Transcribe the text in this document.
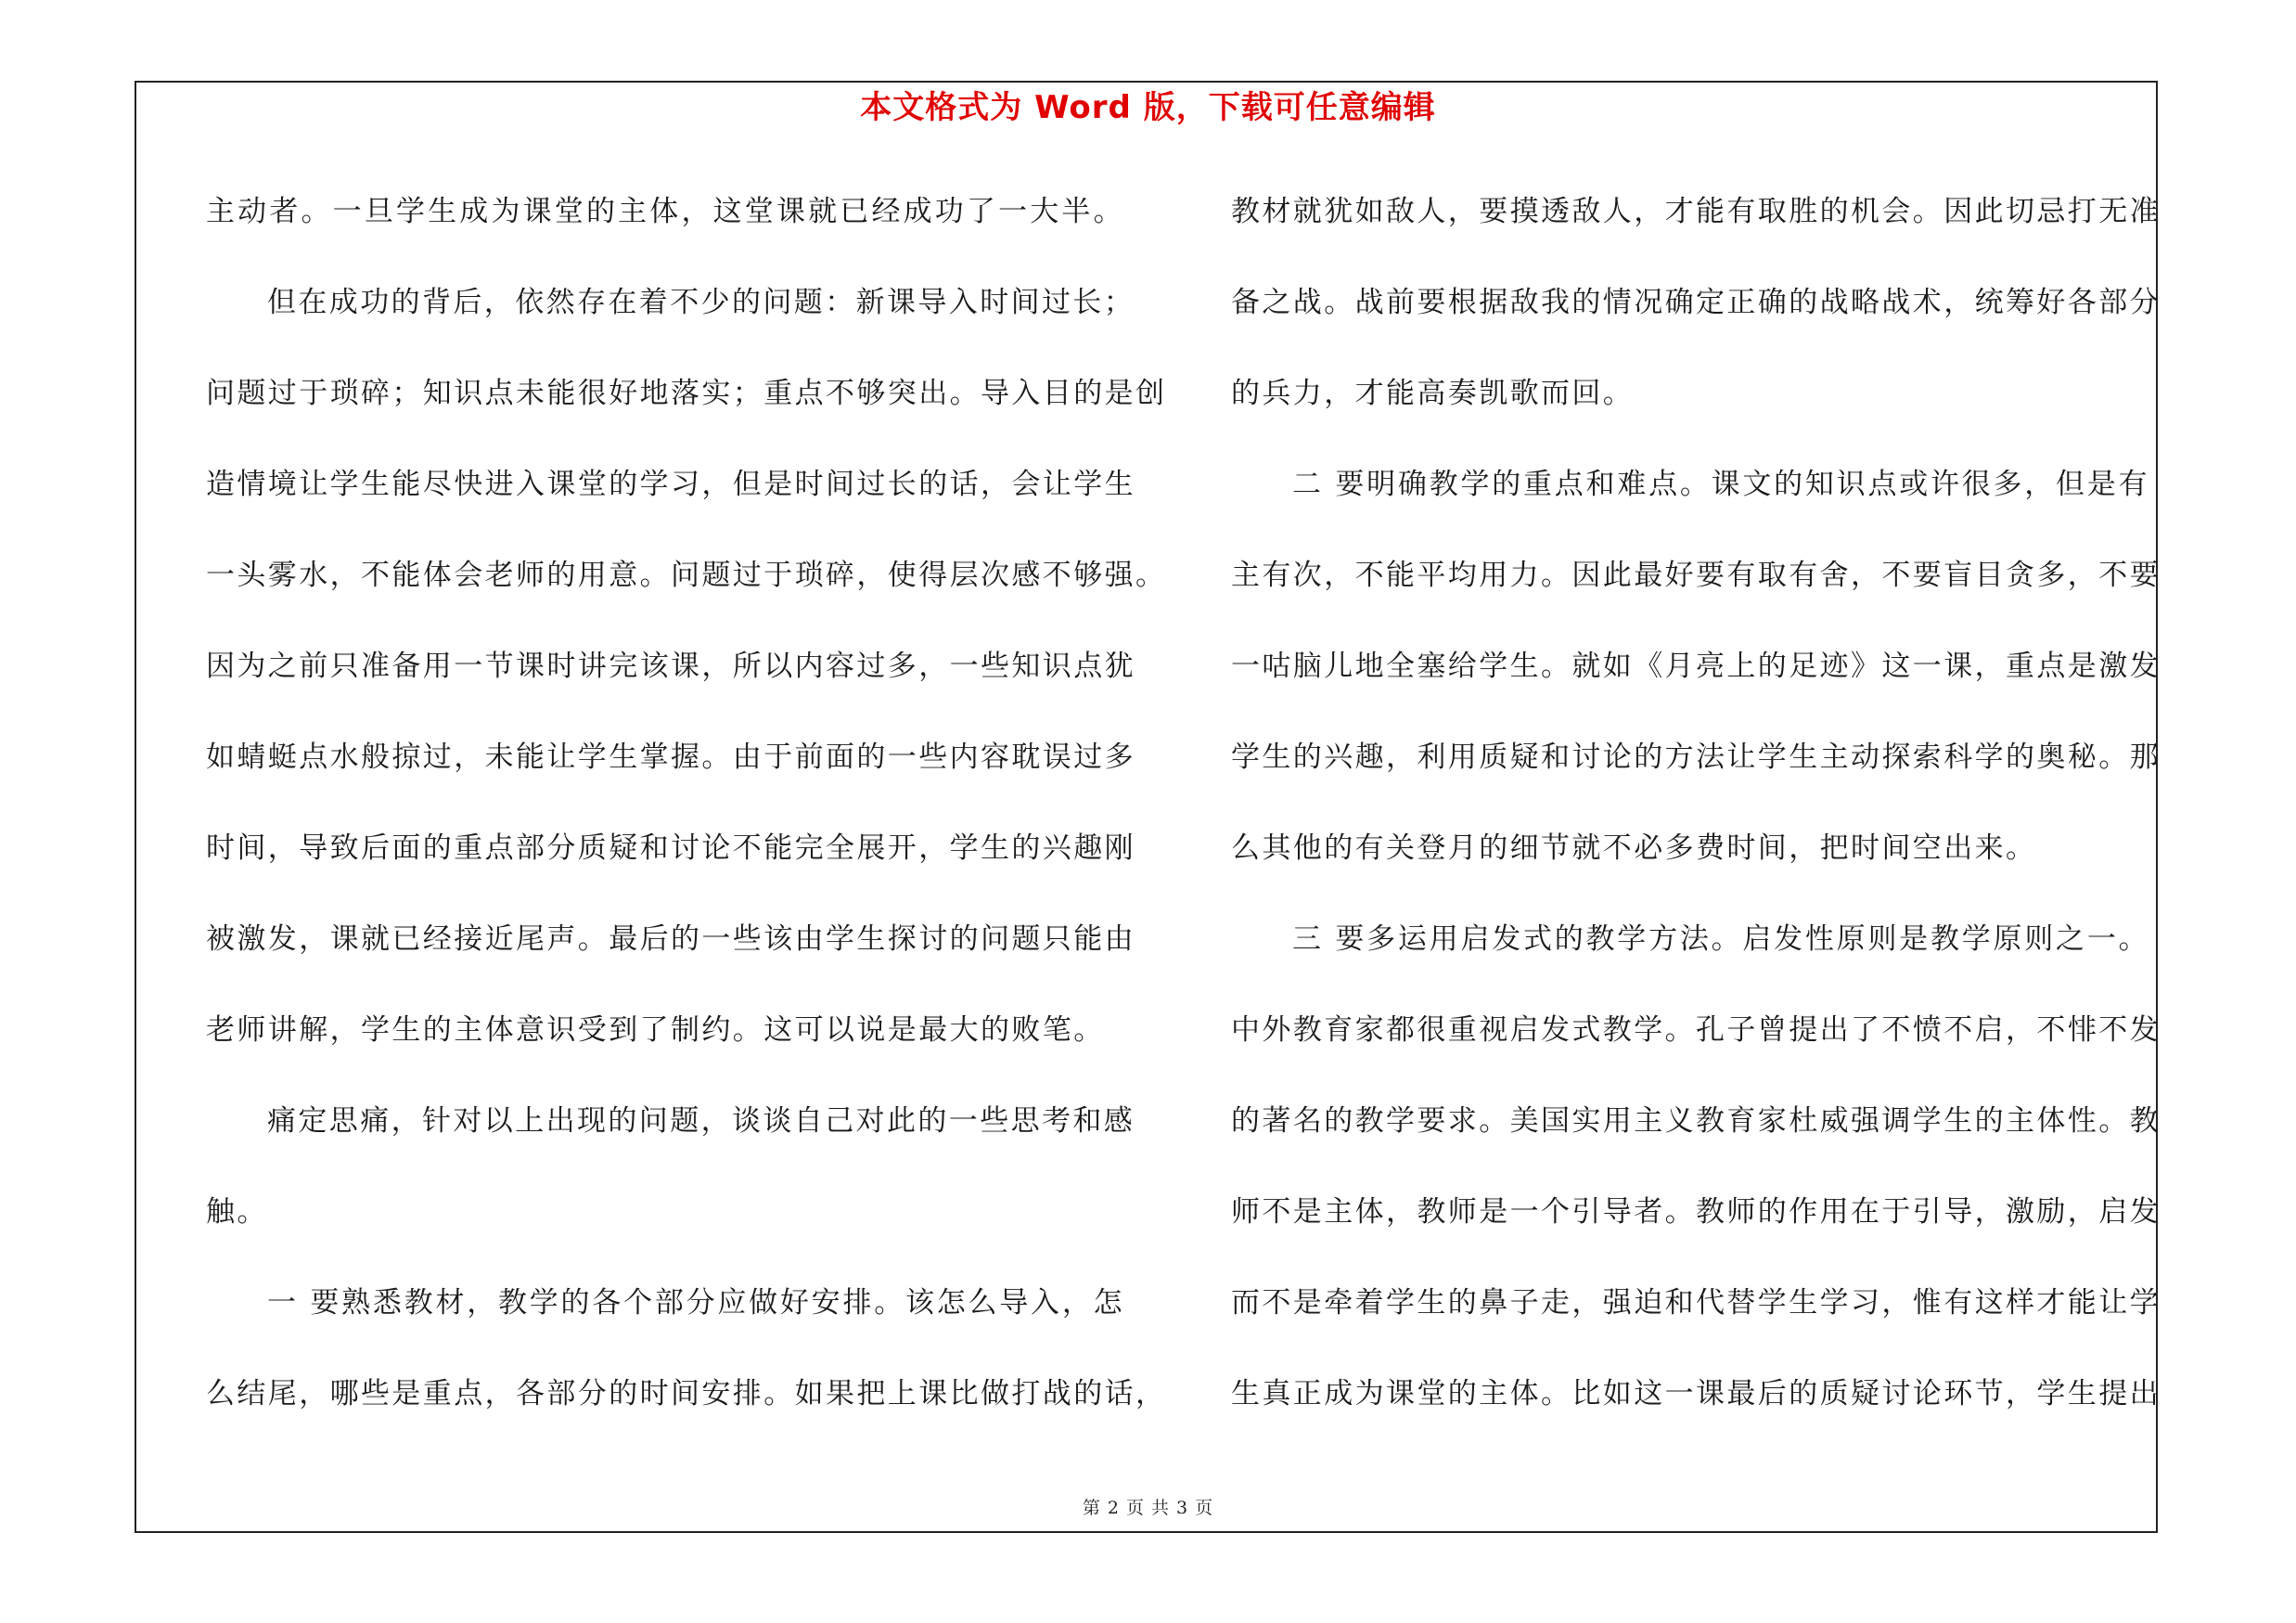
本文格式为 Word 版，下载可任意编辑
主动者。一旦学生成为课堂的主体，这堂课就已经成功了一大半。
但在成功的背后，依然存在着不少的问题：新课导入时间过长；
问题过于琐碎；知识点未能很好地落实；重点不够突出。导入目的是创
造情境让学生能尽快进入课堂的学习，但是时间过长的话，会让学生
一头雾水，不能体会老师的用意。问题过于琐碎，使得层次感不够强。
因为之前只准备用一节课时讲完该课，所以内容过多，一些知识点犹
如蜻蜓点水般掠过，未能让学生掌握。由于前面的一些内容耽误过多
时间，导致后面的重点部分质疑和讨论不能完全展开，学生的兴趣刚
被激发，课就已经接近尾声。最后的一些该由学生探讨的问题只能由
老师讲解，学生的主体意识受到了制约。这可以说是最大的败笔。
痛定思痛，针对以上出现的问题，谈谈自己对此的一些思考和感
触。
一 要熟悉教材，教学的各个部分应做好安排。该怎么导入，怎
么结尾，哪些是重点，各部分的时间安排。如果把上课比做打战的话，
教材就犹如敌人，要摸透敌人，才能有取胜的机会。因此切忌打无准
备之战。战前要根据敌我的情况确定正确的战略战术，统筹好各部分
的兵力，才能高奏凯歌而回。
二 要明确教学的重点和难点。课文的知识点或许很多，但是有
主有次，不能平均用力。因此最好要有取有舍，不要盲目贪多，不要
一咕脑儿地全塞给学生。就如《月亮上的足迹》这一课，重点是激发
学生的兴趣，利用质疑和讨论的方法让学生主动探索科学的奥秘。那
么其他的有关登月的细节就不必多费时间，把时间空出来。
三 要多运用启发式的教学方法。启发性原则是教学原则之一。
中外教育家都很重视启发式教学。孔子曾提出了不愤不启，不悱不发
的著名的教学要求。美国实用主义教育家杜威强调学生的主体性。教
师不是主体，教师是一个引导者。教师的作用在于引导，激励，启发
而不是牵着学生的鼻子走，强迫和代替学生学习，惟有这样才能让学
生真正成为课堂的主体。比如这一课最后的质疑讨论环节，学生提出
第 2 页 共 3 页
